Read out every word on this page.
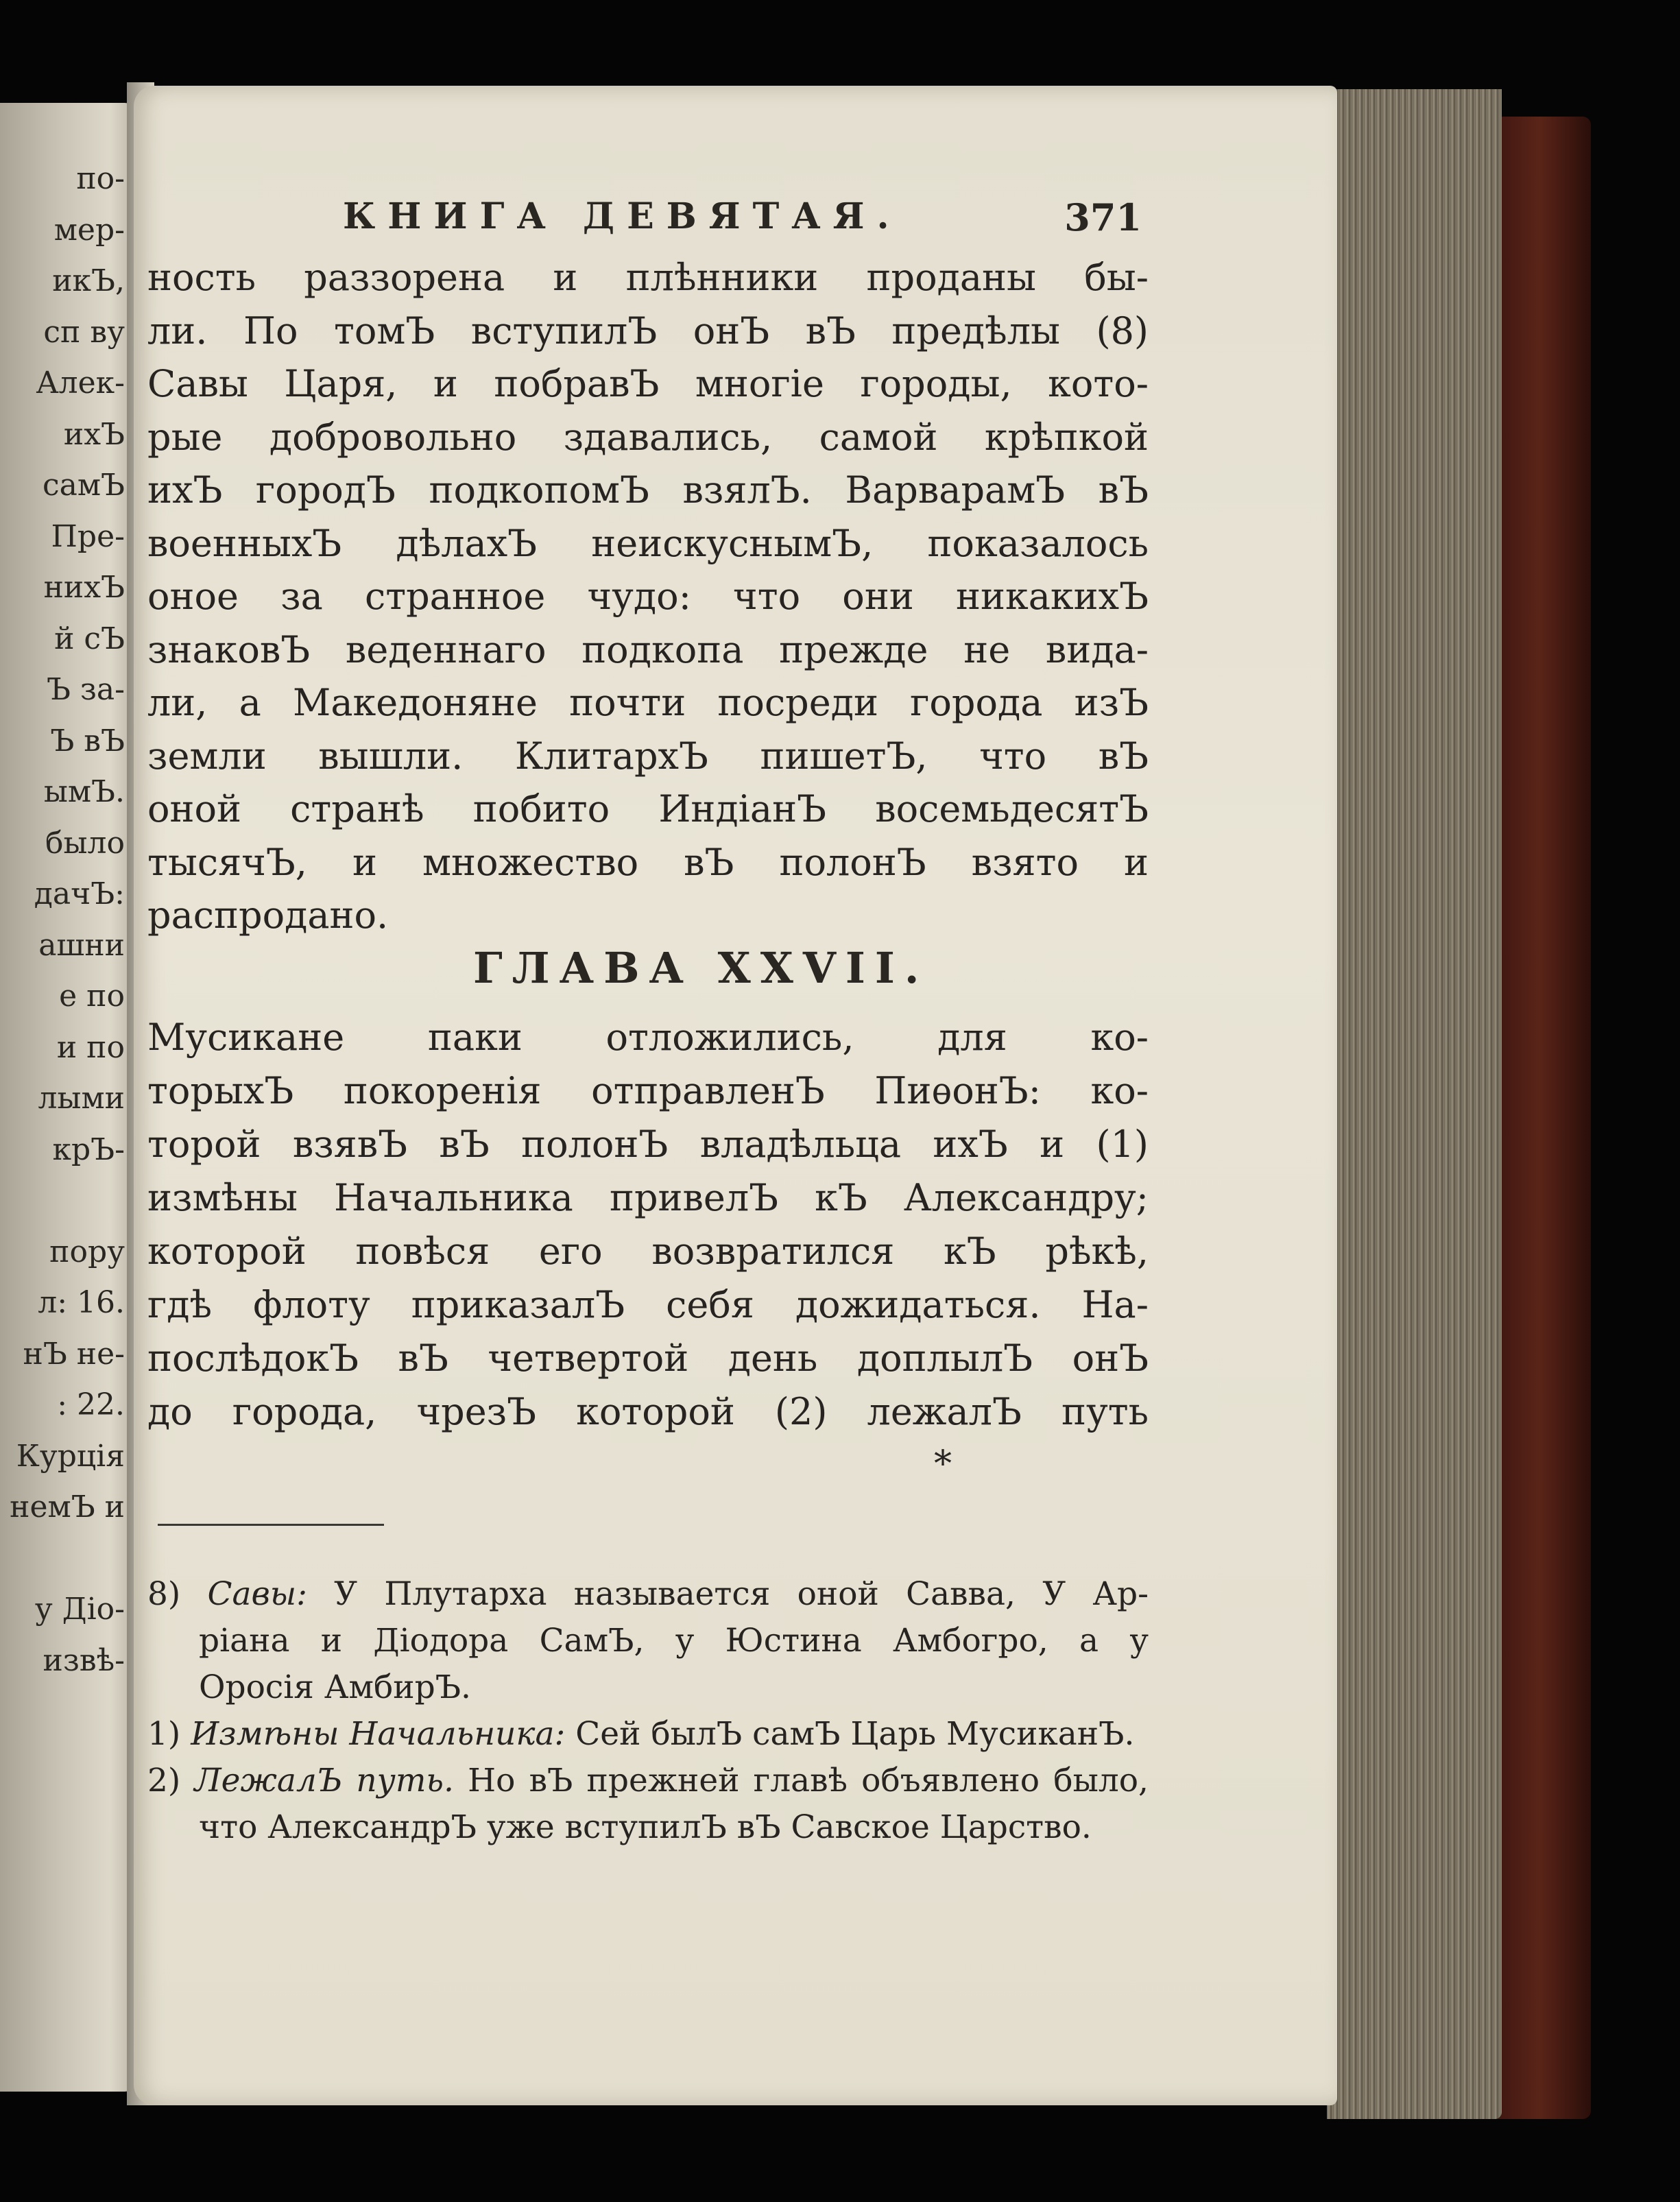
по-
мер-
икЪ,
сп ву
Алек-
ихЪ
самЪ
Пре-
нихЪ
й сЪ
Ъ за-
Ъ вЪ
ымЪ.
было
дачЪ:
ашни
е по
и по
лыми
крЪ-
пору
л: 16.
нЪ не-
: 22.
Курція
немЪ и
у Діо-
извѣ-
КНИГА ДЕВЯТАЯ.	371
ность раззорена и плѣнники проданы бы-
ли. По томЪ вступилЪ онЪ вЪ предѣлы (8)
Савы Царя, и побравЪ многіе городы, кото-
рые добровольно здавались, самой крѣпкой
ихЪ городЪ подкопомЪ взялЪ. ВарварамЪ вЪ
военныхЪ дѣлахЪ неискуснымЪ, показалось
оное за странное чудо: что они никакихЪ
знаковЪ веденнаго подкопа прежде не вида-
ли, а Македоняне почти посреди города изЪ
земли вышли. КлитархЪ пишетЪ, что вЪ
оной странѣ побито ИндіанЪ восемьдесятЪ
тысячЪ, и множество вЪ полонЪ взято и
распродано.
ГЛАВА XXVII.
Мусикане паки отложились, для ко-
торыхЪ покоренія отправленЪ ПиѳонЪ: ко-
торой взявЪ вЪ полонЪ владѣльца ихЪ и (1)
измѣны Начальника привелЪ кЪ Александру;
которой повѣся его возвратился кЪ рѣкѣ,
гдѣ флоту приказалЪ себя дожидаться. На-
послѣдокЪ вЪ четвертой день доплылЪ онЪ
до города, чрезЪ которой (2) лежалЪ путь
*
8) Савы: У Плутарха называется оной Савва, У Ар-
ріана и Діодора СамЪ, у Юстина Амбогро, а у
Оросія АмбирЪ.
1) Измѣны Начальника: Сей былЪ самЪ Царь МусиканЪ.
2) ЛежалЪ путь. Но вЪ прежней главѣ объявлено было,
что АлександрЪ уже вступилЪ вЪ Савское Царство.
